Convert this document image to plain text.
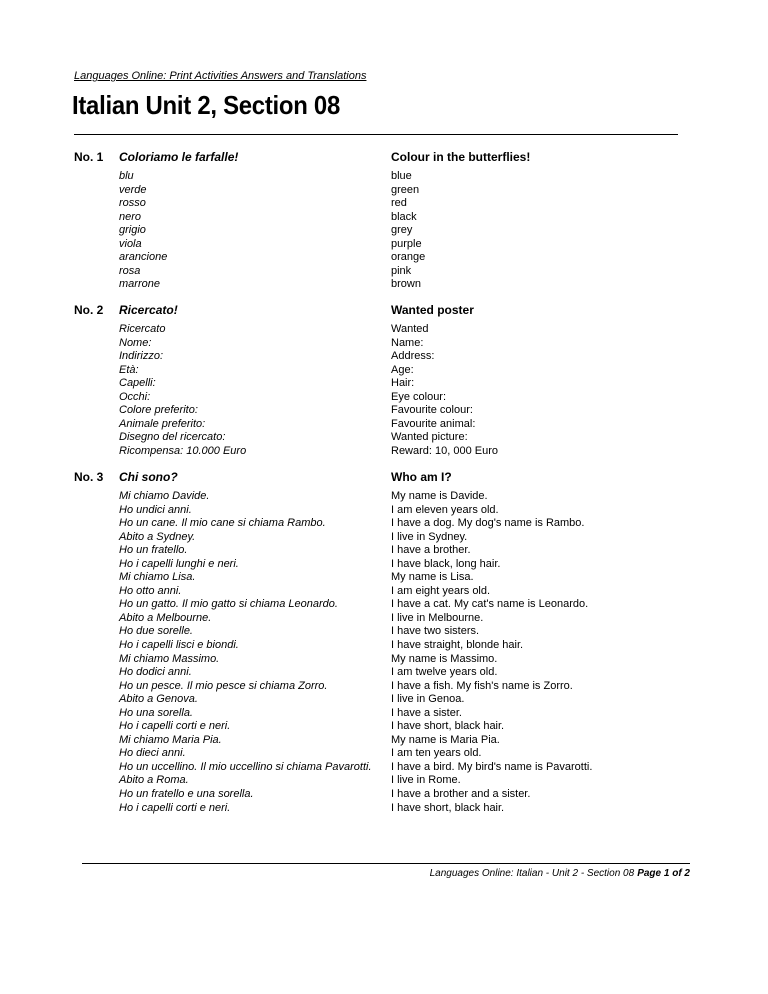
Languages Online: Print Activities Answers and Translations
Italian Unit 2, Section 08
No. 1 Coloriamo le farfalle!
blu
verde
rosso
nero
grigio
viola
arancione
rosa
marrone
Colour in the butterflies!
blue
green
red
black
grey
purple
orange
pink
brown
No. 2 Ricercato!
Ricercato
Nome:
Indirizzo:
Età:
Capelli:
Occhi:
Colore preferito:
Animale preferito:
Disegno del ricercato:
Ricompensa: 10.000 Euro
Wanted poster
Wanted
Name:
Address:
Age:
Hair:
Eye colour:
Favourite colour:
Favourite animal:
Wanted picture:
Reward: 10, 000 Euro
No. 3 Chi sono?
Mi chiamo Davide.
Ho undici anni.
Ho un cane. Il mio cane si chiama Rambo.
Abito a Sydney.
Ho un fratello.
Ho i capelli lunghi e neri.
Mi chiamo Lisa.
Ho otto anni.
Ho un gatto. Il mio gatto si chiama Leonardo.
Abito a Melbourne.
Ho due sorelle.
Ho i capelli lisci e biondi.
Mi chiamo Massimo.
Ho dodici anni.
Ho un pesce. Il mio pesce si chiama Zorro.
Abito a Genova.
Ho una sorella.
Ho i capelli corti e neri.
Mi chiamo Maria Pia.
Ho dieci anni.
Ho un uccellino. Il mio uccellino si chiama Pavarotti.
Abito a Roma.
Ho un fratello e una sorella.
Ho i capelli corti e neri.
Who am I?
My name is Davide.
I am eleven years old.
I have a dog. My dog's name is Rambo.
I live in Sydney.
I have a brother.
I have black, long hair.
My name is Lisa.
I am eight years old.
I have a cat. My cat's name is Leonardo.
I live in Melbourne.
I have two sisters.
I have straight, blonde hair.
My name is Massimo.
I am twelve years old.
I have a fish. My fish's name is Zorro.
I live in Genoa.
I have a sister.
I have short, black hair.
My name is Maria Pia.
I am ten years old.
I have a bird. My bird's name is Pavarotti.
I live in Rome.
I have a brother and a sister.
I have short, black hair.
Languages Online: Italian - Unit 2 - Section 08 Page 1 of 2
